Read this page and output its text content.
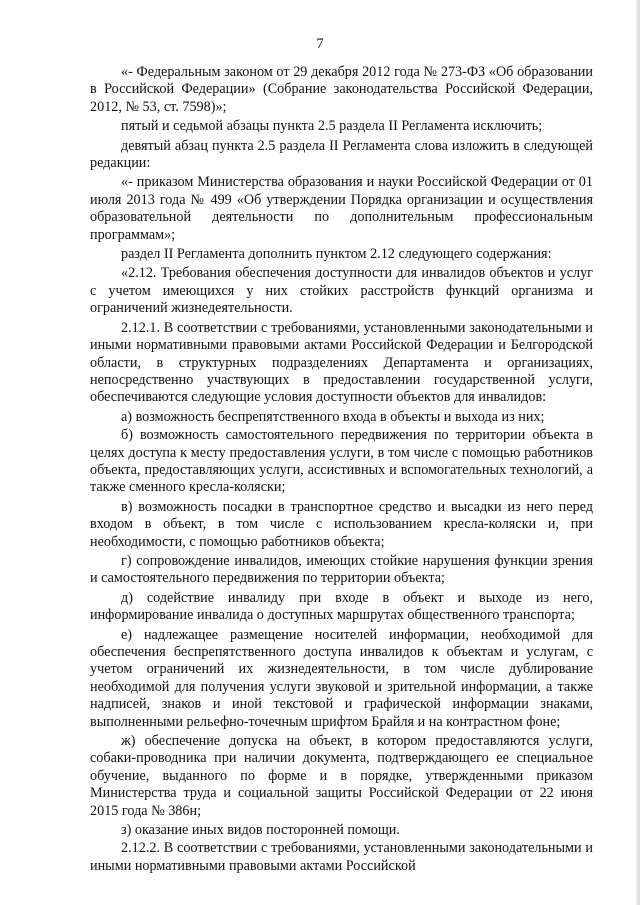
7

«- Федеральным законом от 29 декабря 2012 года № 273-ФЗ «Об образовании в Российской Федерации» (Собрание законодательства Российской Федерации, 2012, № 53, ст. 7598)»;

пятый и седьмой абзацы пункта 2.5 раздела II Регламента исключить;

девятый абзац пункта 2.5 раздела II Регламента слова изложить в следующей редакции:

«- приказом Министерства образования и науки Российской Федерации от 01 июля 2013 года № 499 «Об утверждении Порядка организации и осуществления образовательной деятельности по дополнительным профессиональным программам»;

раздел II Регламента дополнить пунктом 2.12 следующего содержания:

«2.12. Требования обеспечения доступности для инвалидов объектов и услуг с учетом имеющихся у них стойких расстройств функций организма и ограничений жизнедеятельности.

2.12.1. В соответствии с требованиями, установленными законодательными и иными нормативными правовыми актами Российской Федерации и Белгородской области, в структурных подразделениях Департамента и организациях, непосредственно участвующих в предоставлении государственной услуги, обеспечиваются следующие условия доступности объектов для инвалидов:

а) возможность беспрепятственного входа в объекты и выхода из них;

б) возможность самостоятельного передвижения по территории объекта в целях доступа к месту предоставления услуги, в том числе с помощью работников объекта, предоставляющих услуги, ассистивных и вспомогательных технологий, а также сменного кресла-коляски;

в) возможность посадки в транспортное средство и высадки из него перед входом в объект, в том числе с использованием кресла-коляски и, при необходимости, с помощью работников объекта;

г) сопровождение инвалидов, имеющих стойкие нарушения функции зрения и самостоятельного передвижения по территории объекта;

д) содействие инвалиду при входе в объект и выходе из него, информирование инвалида о доступных маршрутах общественного транспорта;

е) надлежащее размещение носителей информации, необходимой для обеспечения беспрепятственного доступа инвалидов к объектам и услугам, с учетом ограничений их жизнедеятельности, в том числе дублирование необходимой для получения услуги звуковой и зрительной информации, а также надписей, знаков и иной текстовой и графической информации знаками, выполненными рельефно-точечным шрифтом Брайля и на контрастном фоне;

ж) обеспечение допуска на объект, в котором предоставляются услуги, собаки-проводника при наличии документа, подтверждающего ее специальное обучение, выданного по форме и в порядке, утвержденными приказом Министерства труда и социальной защиты Российской Федерации от 22 июня 2015 года № 386н;

з) оказание иных видов посторонней помощи.

2.12.2. В соответствии с требованиями, установленными законодательными и иными нормативными правовыми актами Российской
